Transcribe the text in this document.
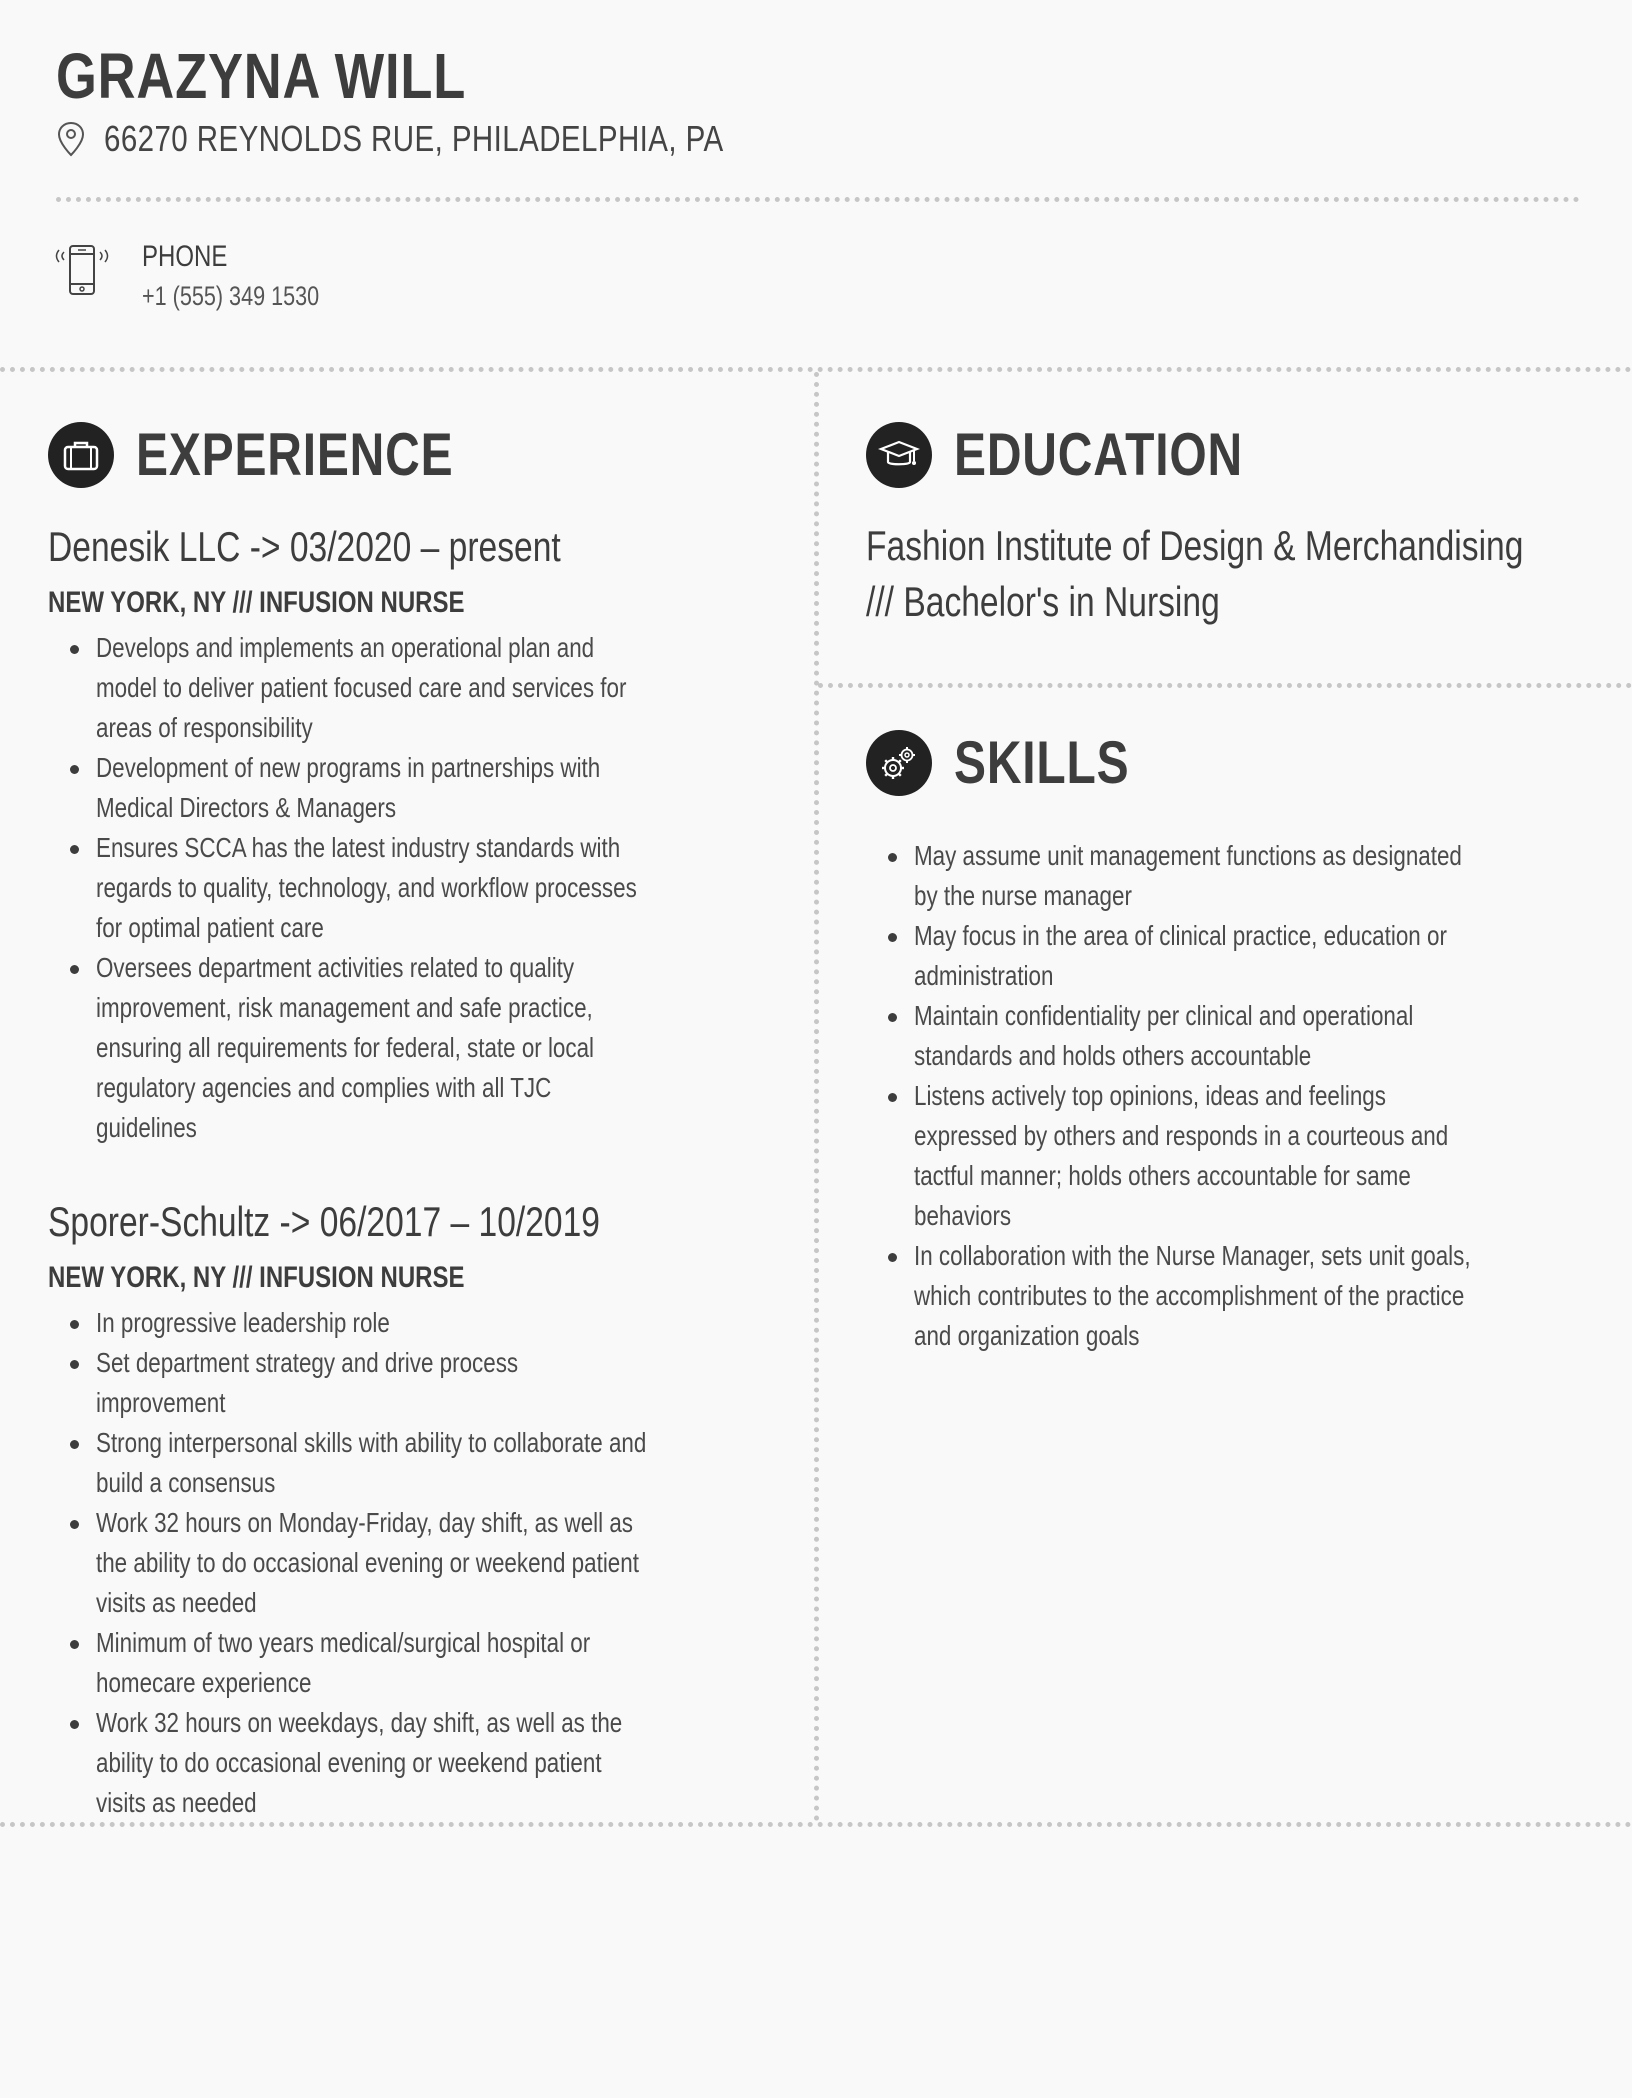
GRAZYNA WILL
66270 REYNOLDS RUE, PHILADELPHIA, PA
PHONE
+1 (555) 349 1530
EXPERIENCE
Denesik LLC -> 03/2020 – present
NEW YORK, NY /// INFUSION NURSE
Develops and implements an operational plan and model to deliver patient focused care and services for areas of responsibility
Development of new programs in partnerships with Medical Directors & Managers
Ensures SCCA has the latest industry standards with regards to quality, technology, and workflow processes for optimal patient care
Oversees department activities related to quality improvement, risk management and safe practice, ensuring all requirements for federal, state or local regulatory agencies and complies with all TJC guidelines
Sporer-Schultz -> 06/2017 – 10/2019
NEW YORK, NY /// INFUSION NURSE
In progressive leadership role
Set department strategy and drive process improvement
Strong interpersonal skills with ability to collaborate and build a consensus
Work 32 hours on Monday-Friday, day shift, as well as the ability to do occasional evening or weekend patient visits as needed
Minimum of two years medical/surgical hospital or homecare experience
Work 32 hours on weekdays, day shift, as well as the ability to do occasional evening or weekend patient visits as needed
EDUCATION
Fashion Institute of Design & Merchandising
/// Bachelor's in Nursing
SKILLS
May assume unit management functions as designated by the nurse manager
May focus in the area of clinical practice, education or administration
Maintain confidentiality per clinical and operational standards and holds others accountable
Listens actively top opinions, ideas and feelings expressed by others and responds in a courteous and tactful manner; holds others accountable for same behaviors
In collaboration with the Nurse Manager, sets unit goals, which contributes to the accomplishment of the practice and organization goals
